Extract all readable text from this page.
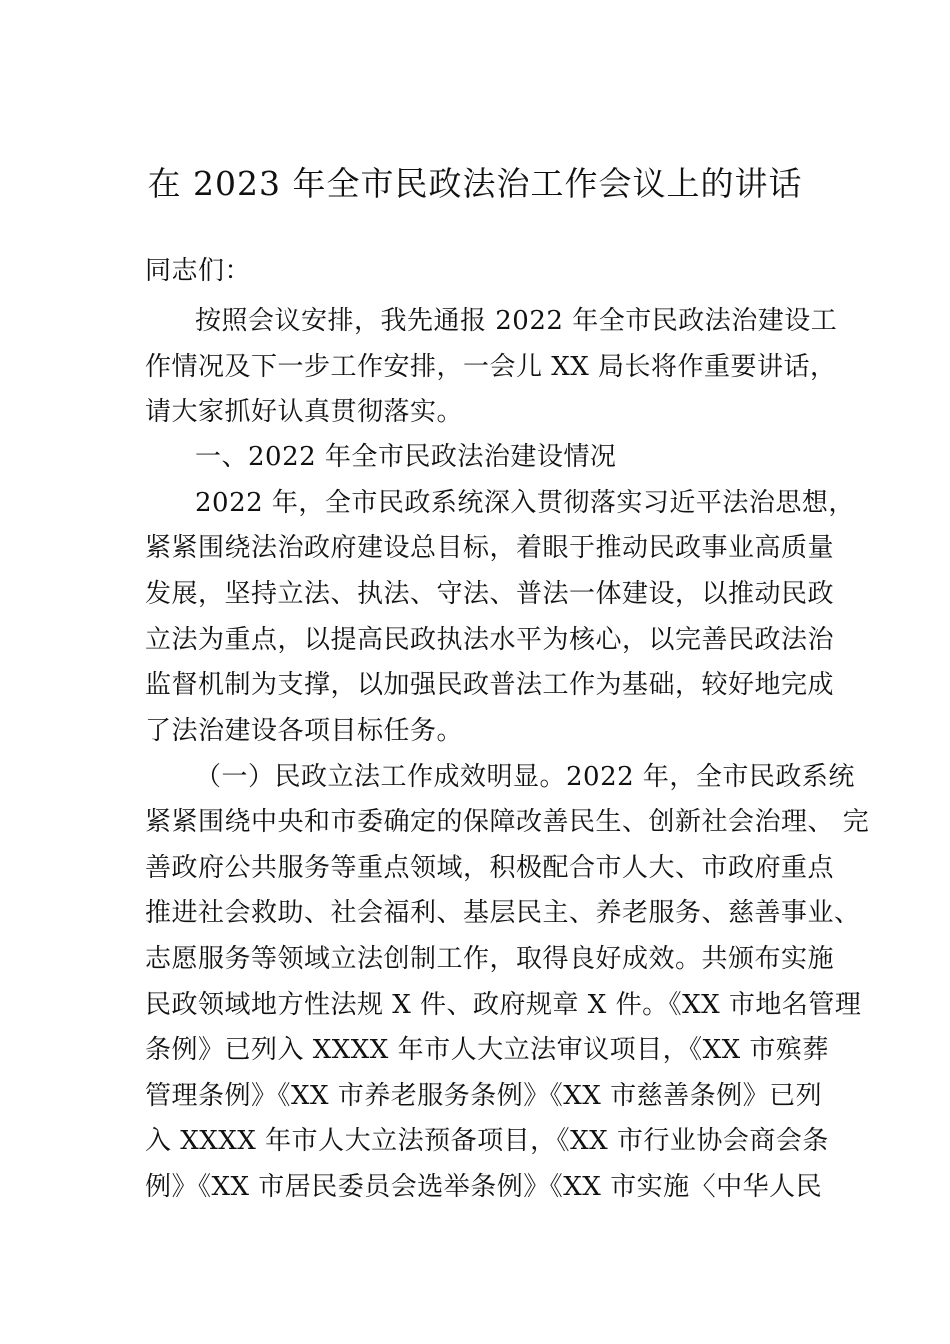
在 2023 年全市民政法治工作会议上的讲话
同志们：
按照会议安排，我先通报 2022 年全市民政法治建设工
作情况及下一步工作安排，一会儿 XX 局长将作重要讲话，
请大家抓好认真贯彻落实。
一、2022 年全市民政法治建设情况
2022 年，全市民政系统深入贯彻落实习近平法治思想，
紧紧围绕法治政府建设总目标，着眼于推动民政事业高质量
发展，坚持立法、执法、守法、普法一体建设，以推动民政
立法为重点，以提高民政执法水平为核心，以完善民政法治
监督机制为支撑，以加强民政普法工作为基础，较好地完成
了法治建设各项目标任务。
（一）民政立法工作成效明显。2022 年，全市民政系统
紧紧围绕中央和市委确定的保障改善民生、创新社会治理、 完
善政府公共服务等重点领域，积极配合市人大、市政府重点
推进社会救助、社会福利、基层民主、养老服务、慈善事业、
志愿服务等领域立法创制工作，取得良好成效。共颁布实施
民政领域地方性法规 X 件、政府规章 X 件。《XX 市地名管理
条例》已列入 XXXX 年市人大立法审议项目，《XX 市殡葬
管理条例》《XX 市养老服务条例》《XX 市慈善条例》已列
入 XXXX 年市人大立法预备项目，《XX 市行业协会商会条
例》《XX 市居民委员会选举条例》《XX 市实施〈中华人民
